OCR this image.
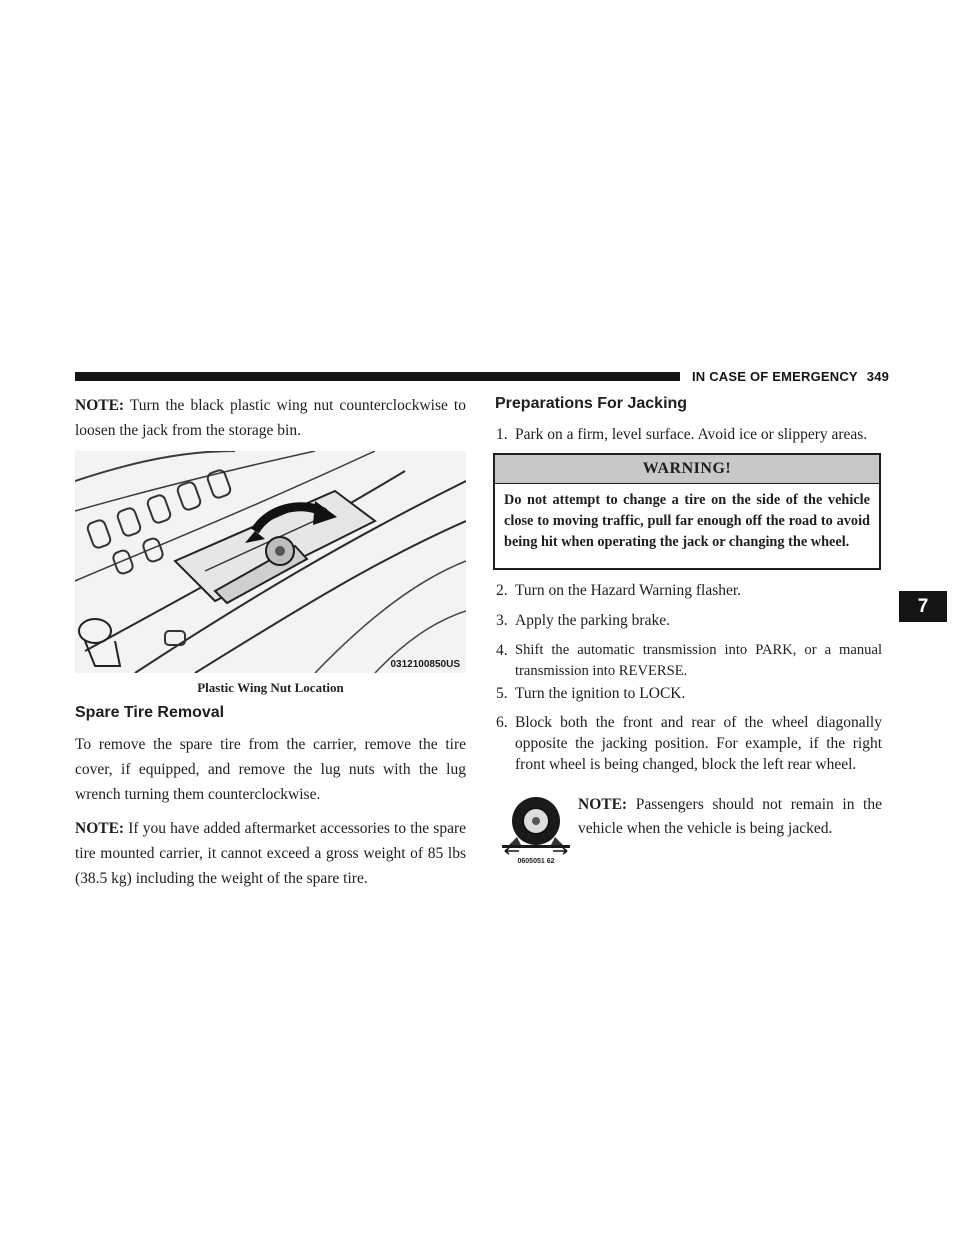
IN CASE OF EMERGENCY 349
7

NOTE: Turn the black plastic wing nut counterclockwise to loosen the jack from the storage bin.

0312100850US
Plastic Wing Nut Location
Spare Tire Removal

To remove the spare tire from the carrier, remove the tire cover, if equipped, and remove the lug nuts with the lug wrench turning them counterclockwise.

NOTE: If you have added aftermarket accessories to the spare tire mounted carrier, it cannot exceed a gross weight of 85 lbs (38.5 kg) including the weight of the spare tire.

Preparations For Jacking
1. Park on a firm, level surface. Avoid ice or slippery areas.
WARNING!
Do not attempt to change a tire on the side of the vehicle close to moving traffic, pull far enough off the road to avoid being hit when operating the jack or changing the wheel.
2. Turn on the Hazard Warning flasher.
3. Apply the parking brake.
4. Shift the automatic transmission into PARK, or a manual transmission into REVERSE.
5. Turn the ignition to LOCK.
6. Block both the front and rear of the wheel diagonally opposite the jacking position. For example, if the right front wheel is being changed, block the left rear wheel.
0605051 62
NOTE: Passengers should not remain in the vehicle when the vehicle is being jacked.
